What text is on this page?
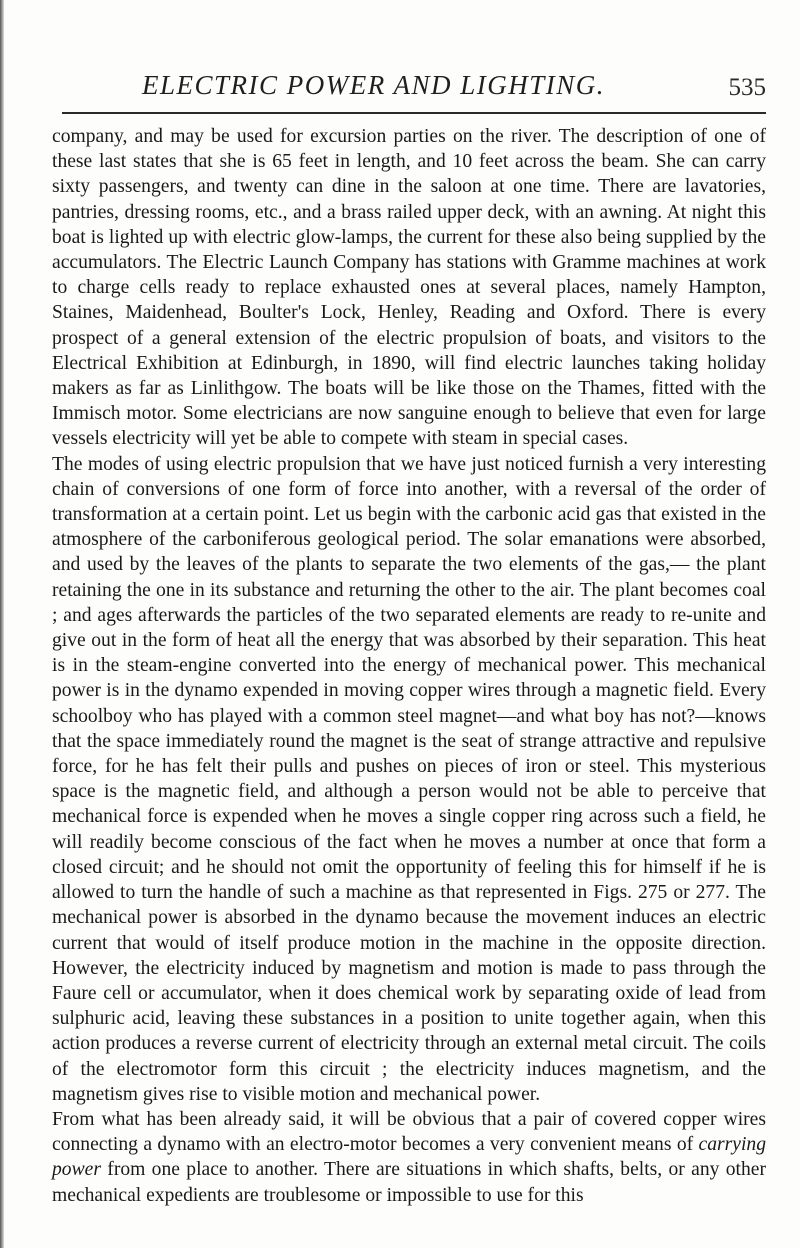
ELECTRIC POWER AND LIGHTING.	535

company, and may be used for excursion parties on the river. The description of one of these last states that she is 65 feet in length, and 10 feet across the beam. She can carry sixty passengers, and twenty can dine in the saloon at one time. There are lavatories, pantries, dressing rooms, etc., and a brass railed upper deck, with an awning. At night this boat is lighted up with electric glow-lamps, the current for these also being supplied by the accumulators. The Electric Launch Company has stations with Gramme machines at work to charge cells ready to replace exhausted ones at several places, namely Hampton, Staines, Maidenhead, Boulter's Lock, Henley, Reading and Oxford. There is every prospect of a general extension of the electric propulsion of boats, and visitors to the Electrical Exhibition at Edinburgh, in 1890, will find electric launches taking holiday makers as far as Linlithgow. The boats will be like those on the Thames, fitted with the Immisch motor. Some electricians are now sanguine enough to believe that even for large vessels electricity will yet be able to compete with steam in special cases.

The modes of using electric propulsion that we have just noticed furnish a very interesting chain of conversions of one form of force into another, with a reversal of the order of transformation at a certain point. Let us begin with the carbonic acid gas that existed in the atmosphere of the carboniferous geological period. The solar emanations were absorbed, and used by the leaves of the plants to separate the two elements of the gas,— the plant retaining the one in its substance and returning the other to the air. The plant becomes coal ; and ages afterwards the particles of the two separated elements are ready to re-unite and give out in the form of heat all the energy that was absorbed by their separation. This heat is in the steam-engine converted into the energy of mechanical power. This mechanical power is in the dynamo expended in moving copper wires through a magnetic field. Every schoolboy who has played with a common steel magnet—and what boy has not?—knows that the space immediately round the magnet is the seat of strange attractive and repulsive force, for he has felt their pulls and pushes on pieces of iron or steel. This mysterious space is the magnetic field, and although a person would not be able to perceive that mechanical force is expended when he moves a single copper ring across such a field, he will readily become conscious of the fact when he moves a number at once that form a closed circuit; and he should not omit the opportunity of feeling this for himself if he is allowed to turn the handle of such a machine as that represented in Figs. 275 or 277. The mechanical power is absorbed in the dynamo because the movement induces an electric current that would of itself produce motion in the machine in the opposite direction. However, the electricity induced by magnetism and motion is made to pass through the Faure cell or accumulator, when it does chemical work by separating oxide of lead from sulphuric acid, leaving these substances in a position to unite together again, when this action produces a reverse current of electricity through an external metal circuit. The coils of the electromotor form this circuit ; the electricity induces magnetism, and the magnetism gives rise to visible motion and mechanical power.

From what has been already said, it will be obvious that a pair of covered copper wires connecting a dynamo with an electro-motor becomes a very convenient means of carrying power from one place to another. There are situations in which shafts, belts, or any other mechanical expedients are troublesome or impossible to use for this
